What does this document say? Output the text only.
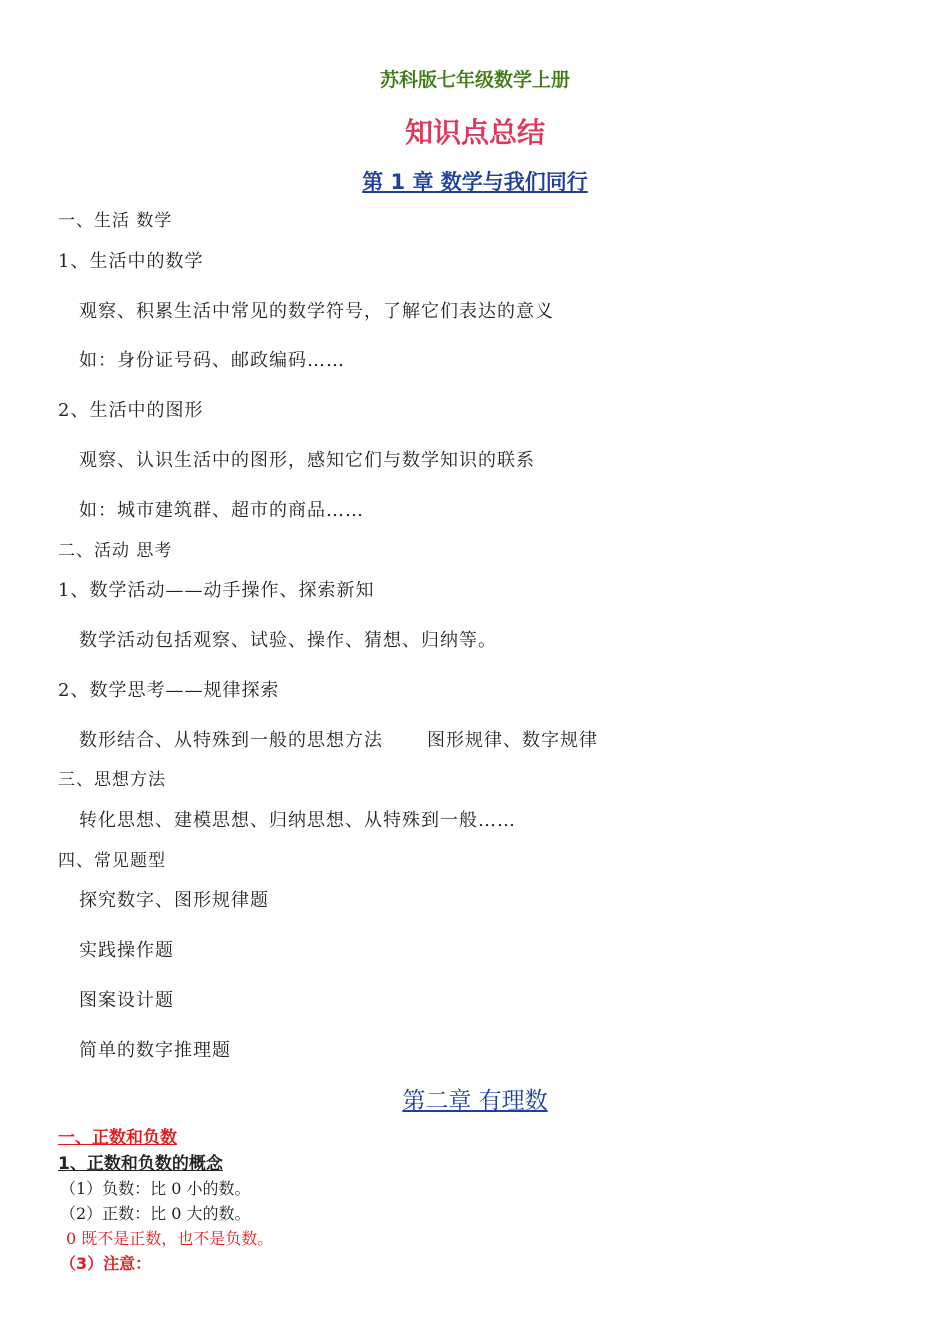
苏科版七年级数学上册
知识点总结
第 1 章 数学与我们同行
一、生活 数学
1、生活中的数学
观察、积累生活中常见的数学符号，了解它们表达的意义
如：身份证号码、邮政编码……
2、生活中的图形
观察、认识生活中的图形，感知它们与数学知识的联系
如：城市建筑群、超市的商品……
二、活动 思考
1、数学活动——动手操作、探索新知
数学活动包括观察、试验、操作、猜想、归纳等。
2、数学思考——规律探索
数形结合、从特殊到一般的思想方法 图形规律、数字规律
三、思想方法
转化思想、建模思想、归纳思想、从特殊到一般……
四、常见题型
探究数字、图形规律题
实践操作题
图案设计题
简单的数字推理题
第二章 有理数
一、正数和负数
1、正数和负数的概念
（1）负数：比 0 小的数。
（2）正数：比 0 大的数。
0 既不是正数，也不是负数。
（3）注意：
